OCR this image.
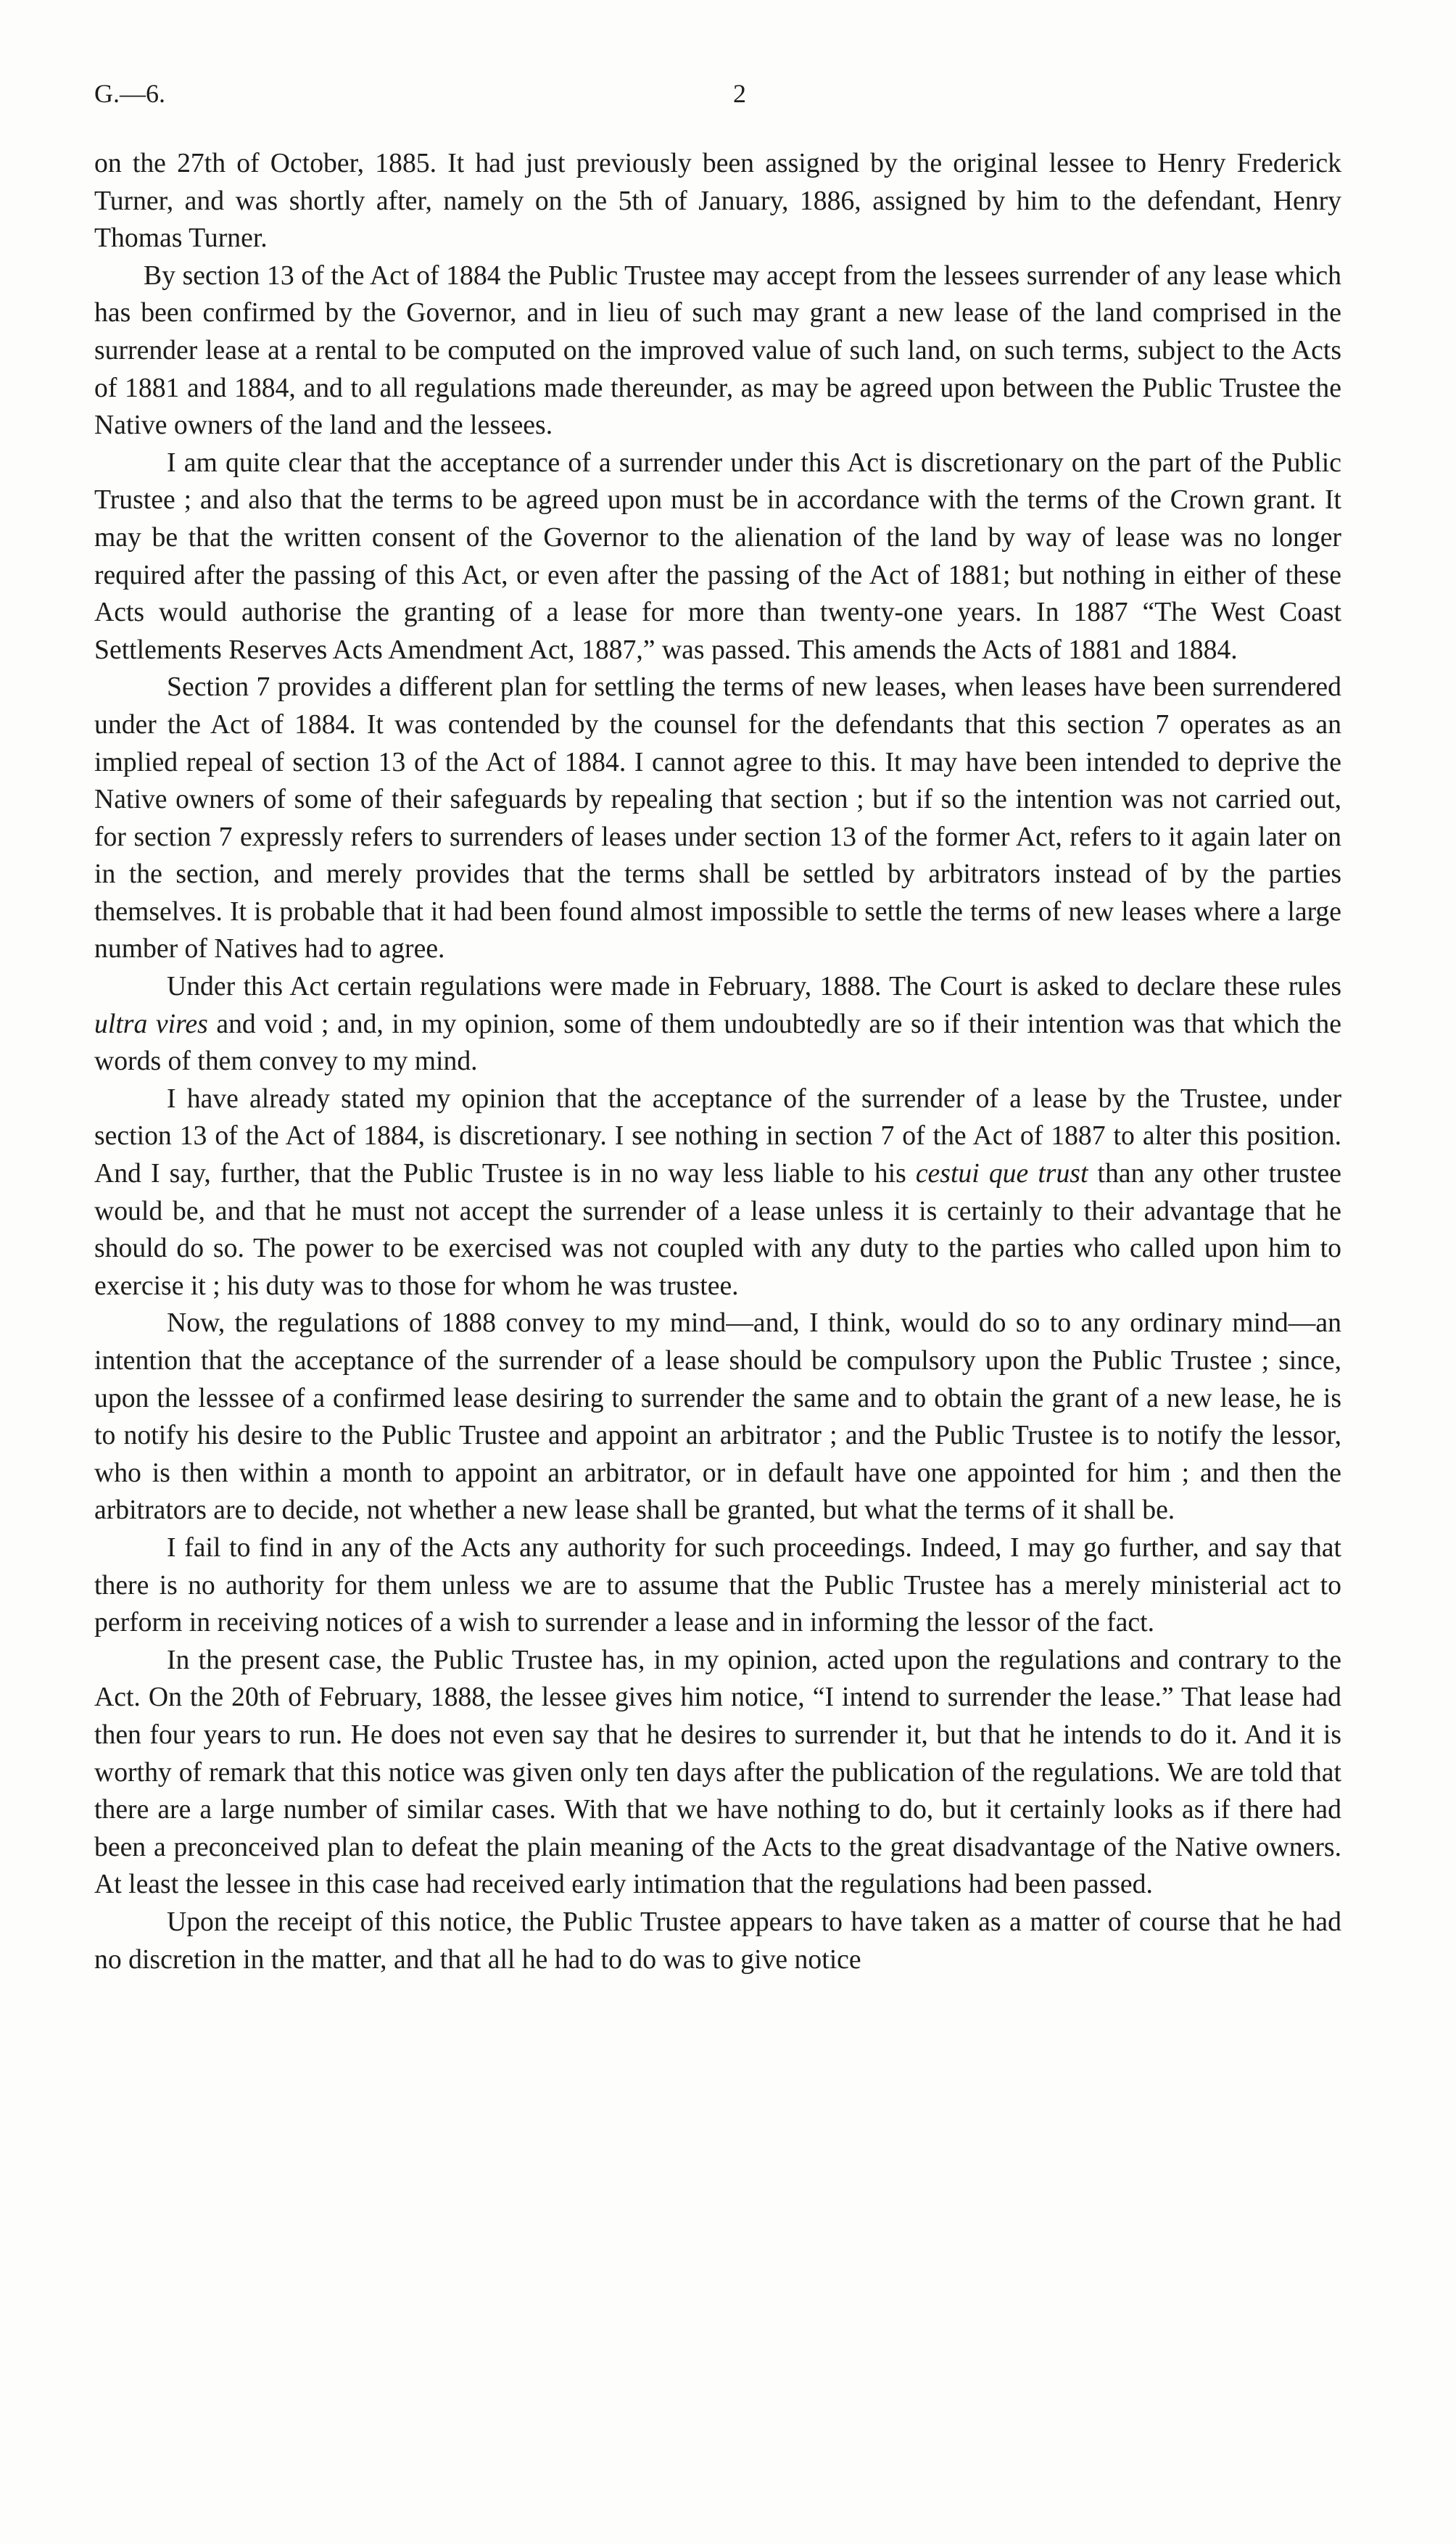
G.—6.	2

on the 27th of October, 1885. It had just previously been assigned by the original lessee to Henry Frederick Turner, and was shortly after, namely on the 5th of January, 1886, assigned by him to the defendant, Henry Thomas Turner.

By section 13 of the Act of 1884 the Public Trustee may accept from the lessees surrender of any lease which has been confirmed by the Governor, and in lieu of such may grant a new lease of the land comprised in the surrender lease at a rental to be computed on the improved value of such land, on such terms, subject to the Acts of 1881 and 1884, and to all regulations made thereunder, as may be agreed upon between the Public Trustee the Native owners of the land and the lessees.

I am quite clear that the acceptance of a surrender under this Act is discretionary on the part of the Public Trustee ; and also that the terms to be agreed upon must be in accordance with the terms of the Crown grant. It may be that the written consent of the Governor to the alienation of the land by way of lease was no longer required after the passing of this Act, or even after the passing of the Act of 1881; but nothing in either of these Acts would authorise the granting of a lease for more than twenty-one years. In 1887 “The West Coast Settlements Reserves Acts Amendment Act, 1887,” was passed. This amends the Acts of 1881 and 1884.

Section 7 provides a different plan for settling the terms of new leases, when leases have been surrendered under the Act of 1884. It was contended by the counsel for the defendants that this section 7 operates as an implied repeal of section 13 of the Act of 1884. I cannot agree to this. It may have been intended to deprive the Native owners of some of their safeguards by repealing that section ; but if so the intention was not carried out, for section 7 expressly refers to surrenders of leases under section 13 of the former Act, refers to it again later on in the section, and merely provides that the terms shall be settled by arbitrators instead of by the parties themselves. It is probable that it had been found almost impossible to settle the terms of new leases where a large number of Natives had to agree.

Under this Act certain regulations were made in February, 1888. The Court is asked to declare these rules ultra vires and void ; and, in my opinion, some of them undoubtedly are so if their intention was that which the words of them convey to my mind.

I have already stated my opinion that the acceptance of the surrender of a lease by the Trustee, under section 13 of the Act of 1884, is discretionary. I see nothing in section 7 of the Act of 1887 to alter this position. And I say, further, that the Public Trustee is in no way less liable to his cestui que trust than any other trustee would be, and that he must not accept the surrender of a lease unless it is certainly to their advantage that he should do so. The power to be exercised was not coupled with any duty to the parties who called upon him to exercise it ; his duty was to those for whom he was trustee.

Now, the regulations of 1888 convey to my mind—and, I think, would do so to any ordinary mind—an intention that the acceptance of the surrender of a lease should be compulsory upon the Public Trustee ; since, upon the lesssee of a confirmed lease desiring to surrender the same and to obtain the grant of a new lease, he is to notify his desire to the Public Trustee and appoint an arbitrator ; and the Public Trustee is to notify the lessor, who is then within a month to appoint an arbitrator, or in default have one appointed for him ; and then the arbitrators are to decide, not whether a new lease shall be granted, but what the terms of it shall be.

I fail to find in any of the Acts any authority for such proceedings. Indeed, I may go further, and say that there is no authority for them unless we are to assume that the Public Trustee has a merely ministerial act to perform in receiving notices of a wish to surrender a lease and in informing the lessor of the fact.

In the present case, the Public Trustee has, in my opinion, acted upon the regulations and contrary to the Act. On the 20th of February, 1888, the lessee gives him notice, “I intend to surrender the lease.” That lease had then four years to run. He does not even say that he desires to surrender it, but that he intends to do it. And it is worthy of remark that this notice was given only ten days after the publication of the regulations. We are told that there are a large number of similar cases. With that we have nothing to do, but it certainly looks as if there had been a preconceived plan to defeat the plain meaning of the Acts to the great disadvantage of the Native owners. At least the lessee in this case had received early intimation that the regulations had been passed.

Upon the receipt of this notice, the Public Trustee appears to have taken as a matter of course that he had no discretion in the matter, and that all he had to do was to give notice
